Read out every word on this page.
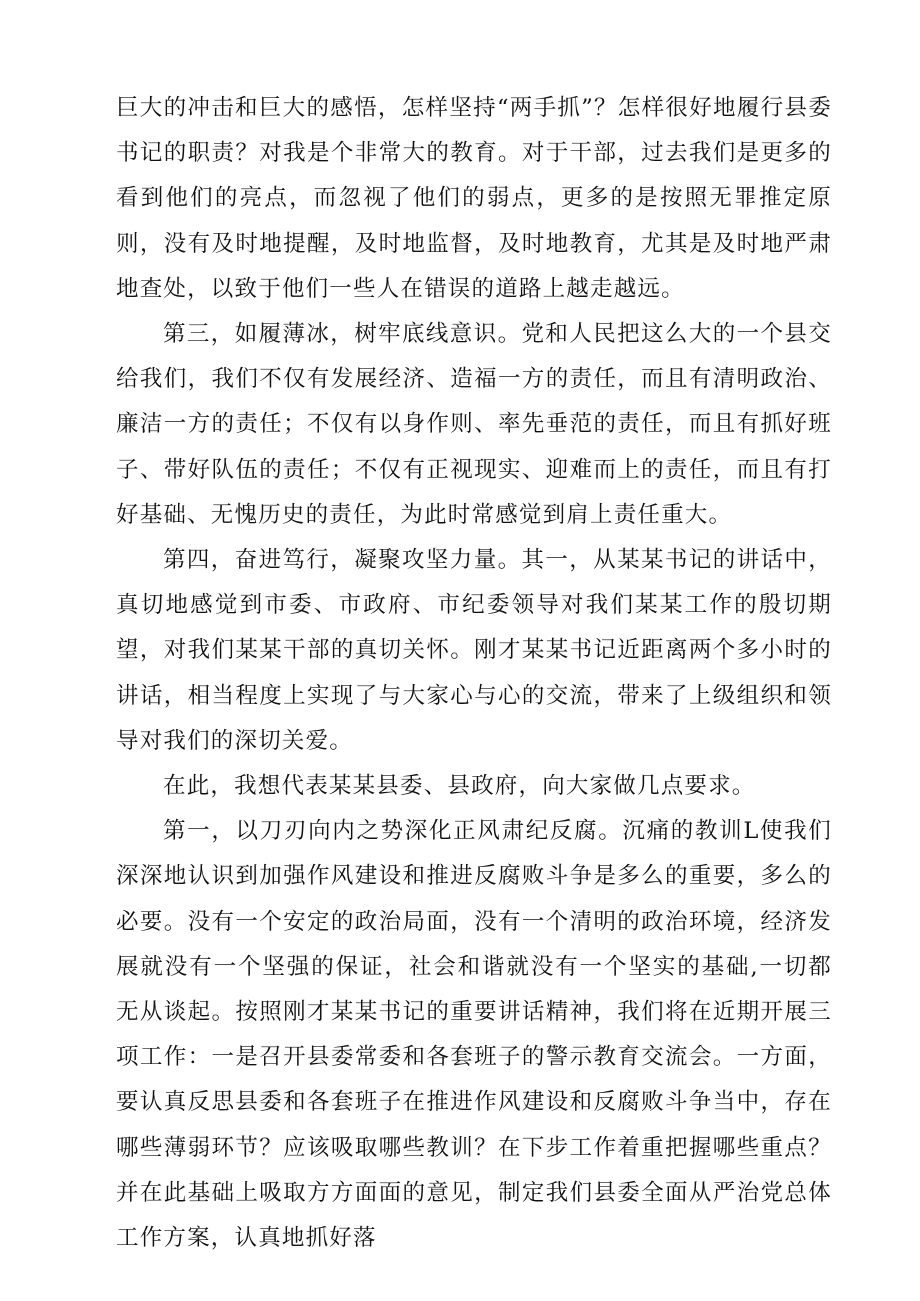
巨大的冲击和巨大的感悟，怎样坚持“两手抓”？怎样很好地履行县委书记的职责？对我是个非常大的教育。对于干部，过去我们是更多的看到他们的亮点，而忽视了他们的弱点，更多的是按照无罪推定原则，没有及时地提醒，及时地监督，及时地教育，尤其是及时地严肃地查处，以致于他们一些人在错误的道路上越走越远。

第三，如履薄冰，树牢底线意识。党和人民把这么大的一个县交给我们，我们不仅有发展经济、造福一方的责任，而且有清明政治、廉洁一方的责任；不仅有以身作则、率先垂范的责任，而且有抓好班子、带好队伍的责任；不仅有正视现实、迎难而上的责任，而且有打好基础、无愧历史的责任，为此时常感觉到肩上责任重大。

第四，奋进笃行，凝聚攻坚力量。其一，从某某书记的讲话中，真切地感觉到市委、市政府、市纪委领导对我们某某工作的殷切期望，对我们某某干部的真切关怀。刚才某某书记近距离两个多小时的讲话，相当程度上实现了与大家心与心的交流，带来了上级组织和领导对我们的深切关爱。

在此，我想代表某某县委、县政府，向大家做几点要求。

第一，以刀刃向内之势深化正风肃纪反腐。沉痛的教训L使我们深深地认识到加强作风建设和推进反腐败斗争是多么的重要，多么的必要。没有一个安定的政治局面，没有一个清明的政治环境，经济发展就没有一个坚强的保证，社会和谐就没有一个坚实的基础,一切都无从谈起。按照刚才某某书记的重要讲话精神，我们将在近期开展三项工作：一是召开县委常委和各套班子的警示教育交流会。一方面，要认真反思县委和各套班子在推进作风建设和反腐败斗争当中，存在哪些薄弱环节？应该吸取哪些教训？在下步工作着重把握哪些重点？并在此基础上吸取方方面面的意见，制定我们县委全面从严治党总体工作方案，认真地抓好落
